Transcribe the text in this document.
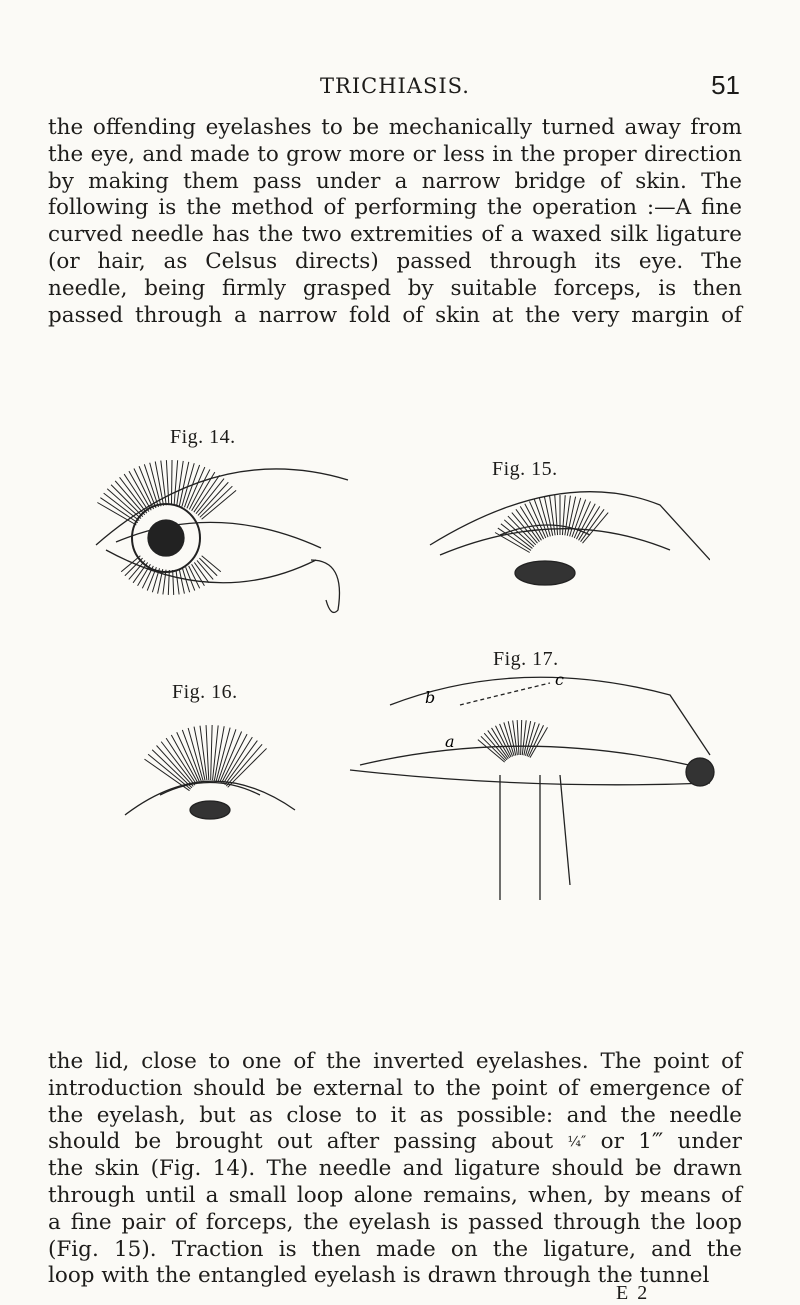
TRICHIASIS.	51

the offending eyelashes to be mechanically turned away from
the eye, and made to grow more or less in the proper direction
by making them pass under a narrow bridge of skin. The
following is the method of performing the operation :—A fine
curved needle has the two extremities of a waxed silk ligature
(or hair, as Celsus directs) passed through its eye. The
needle, being firmly grasped by suitable forceps, is then
passed through a narrow fold of skin at the very margin of

Fig. 14.
Fig. 15.
Fig. 17.
b
c
a
Fig. 16.

the lid, close to one of the inverted eyelashes. The point of
introduction should be external to the point of emergence of
the eyelash, but as close to it as possible: and the needle
should be brought out after passing about ¼″ or 1‴ under
the skin (Fig. 14). The needle and ligature should be drawn
through until a small loop alone remains, when, by means of
a fine pair of forceps, the eyelash is passed through the loop
(Fig. 15). Traction is then made on the ligature, and the
loop with the entangled eyelash is drawn through the tunnel

E 2
